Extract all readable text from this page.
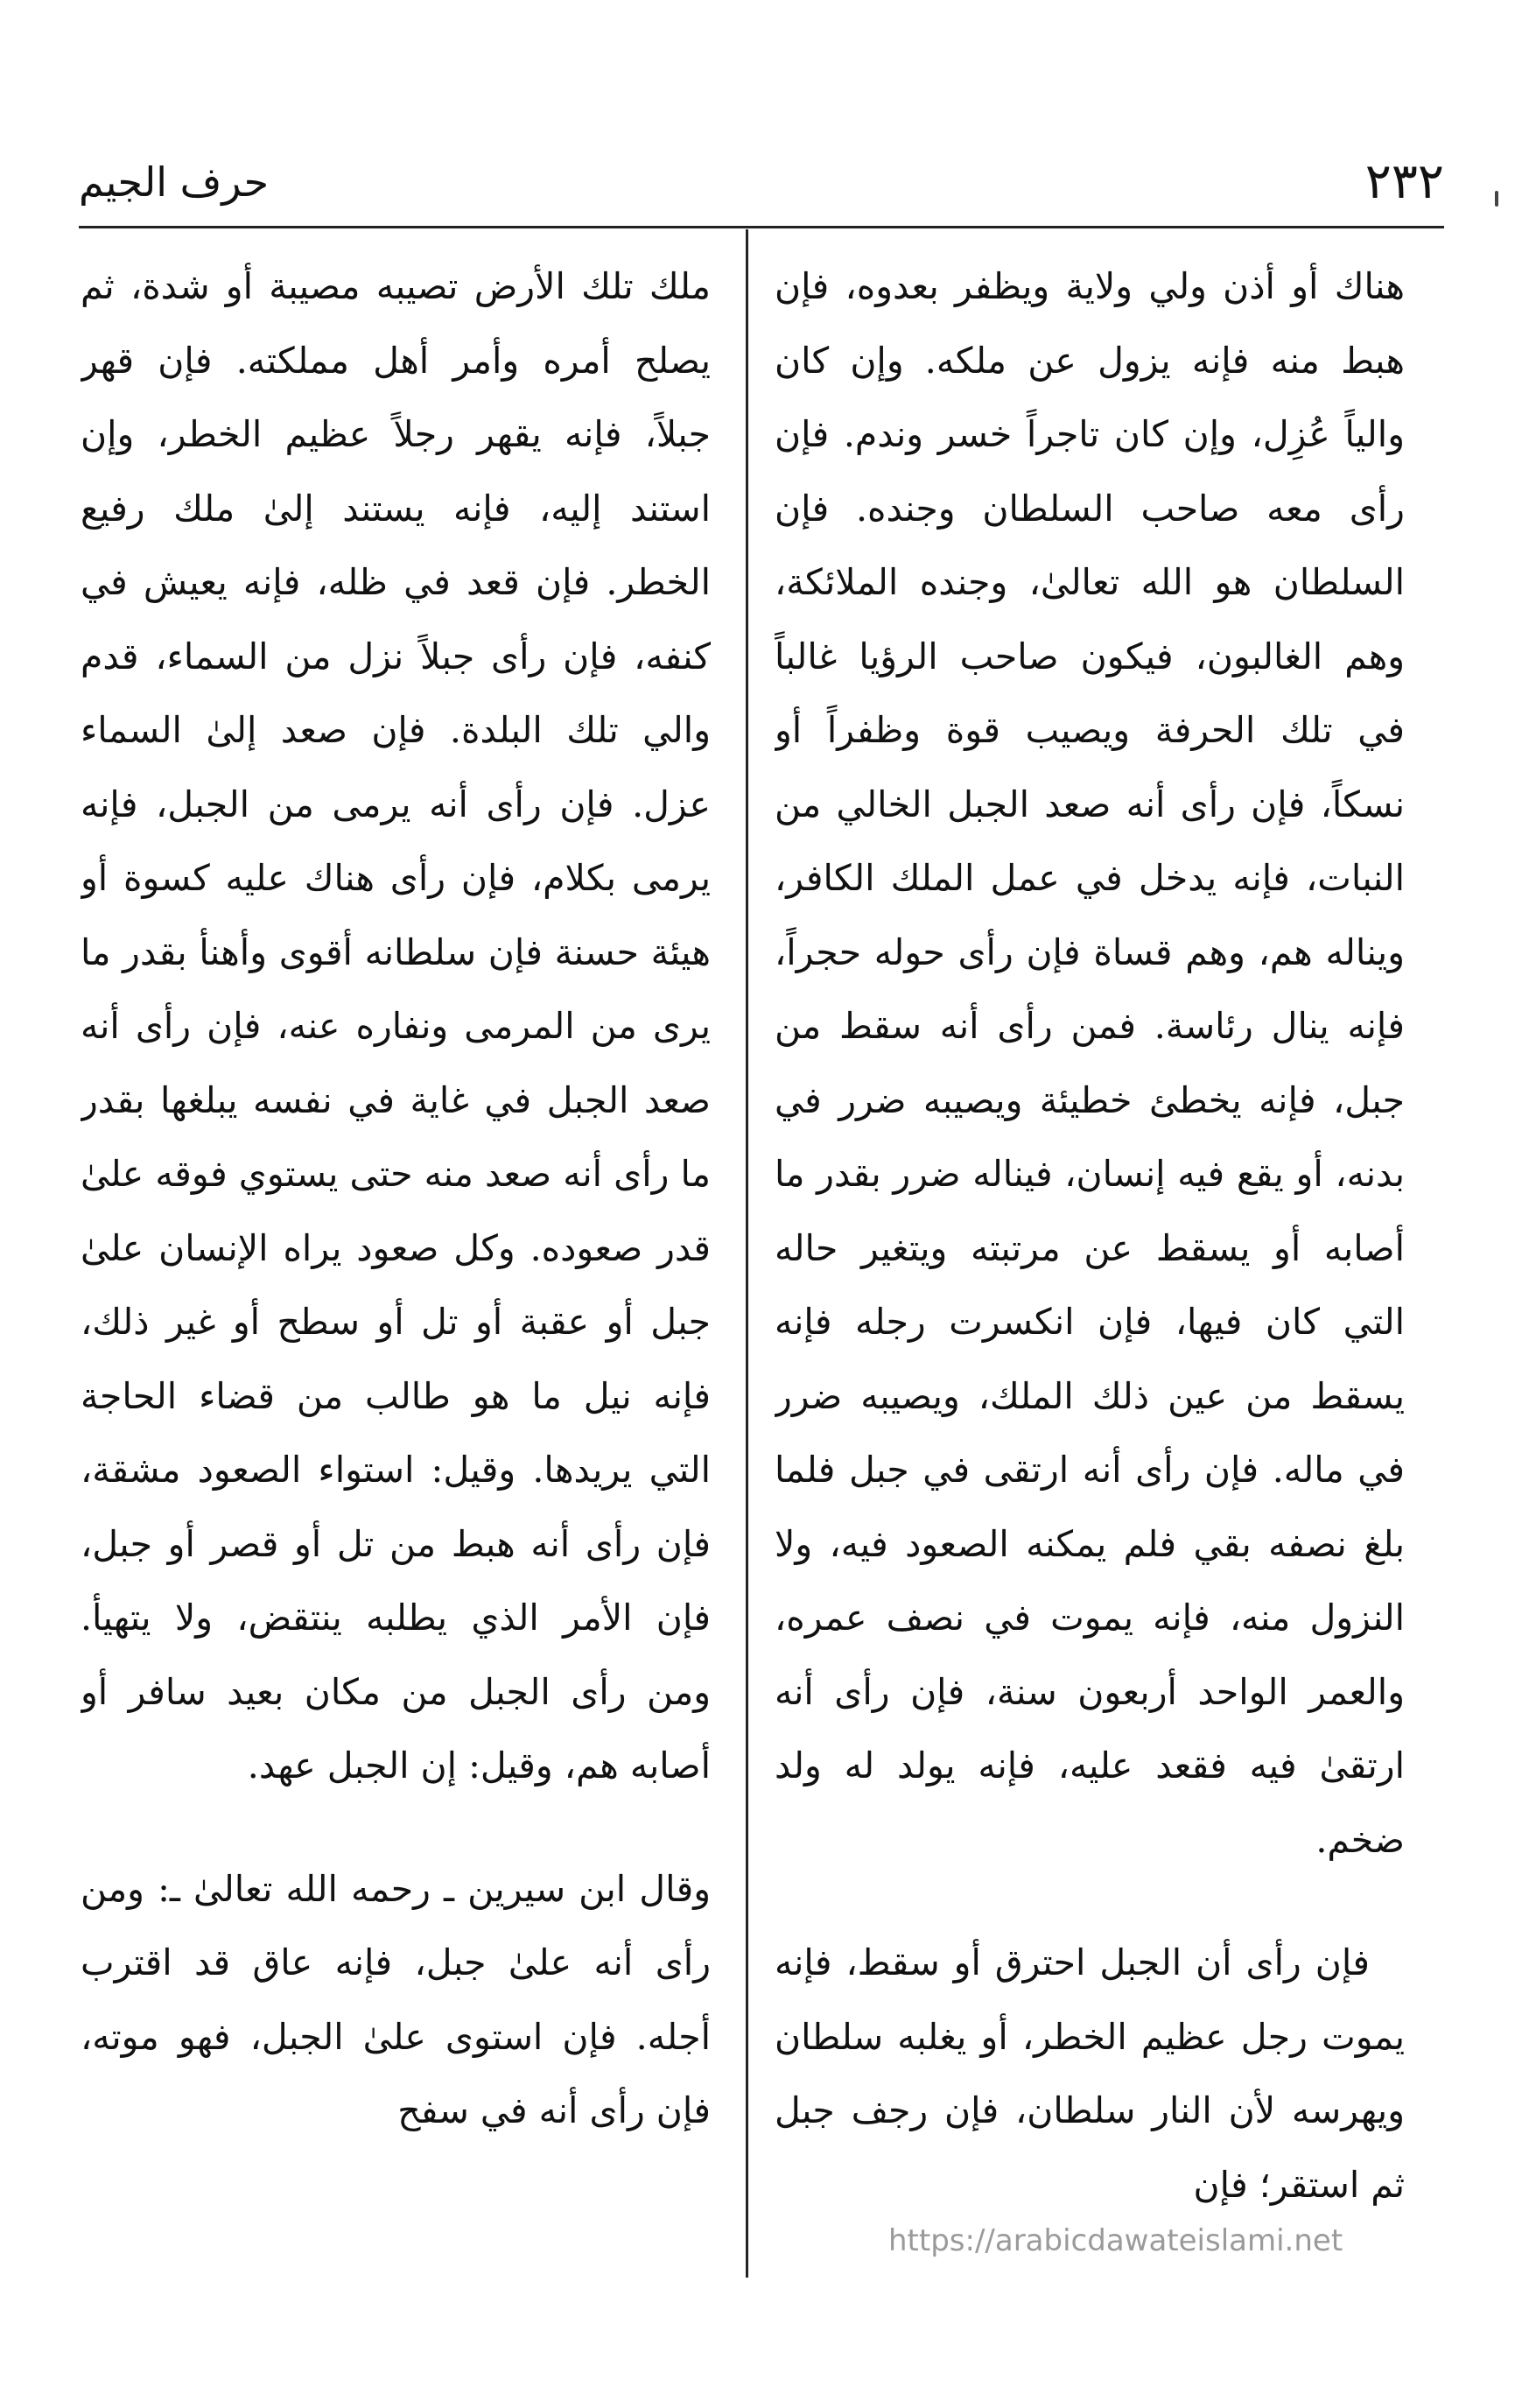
٢٣٢
حرف الجيم

هناك أو أذن ولي ولاية ويظفر بعدوه، فإن هبط منه فإنه يزول عن ملكه. وإن كان والياً عُزِل، وإن كان تاجراً خسر وندم. فإن رأى معه صاحب السلطان وجنده. فإن السلطان هو الله تعالىٰ، وجنده الملائكة، وهم الغالبون، فيكون صاحب الرؤيا غالباً في تلك الحرفة ويصيب قوة وظفراً أو نسكاً، فإن رأى أنه صعد الجبل الخالي من النبات، فإنه يدخل في عمل الملك الكافر، ويناله هم، وهم قساة فإن رأى حوله حجراً، فإنه ينال رئاسة. فمن رأى أنه سقط من جبل، فإنه يخطئ خطيئة ويصيبه ضرر في بدنه، أو يقع فيه إنسان، فيناله ضرر بقدر ما أصابه أو يسقط عن مرتبته ويتغير حاله التي كان فيها، فإن انكسرت رجله فإنه يسقط من عين ذلك الملك، ويصيبه ضرر في ماله. فإن رأى أنه ارتقى في جبل فلما بلغ نصفه بقي فلم يمكنه الصعود فيه، ولا النزول منه، فإنه يموت في نصف عمره، والعمر الواحد أربعون سنة، فإن رأى أنه ارتقىٰ فيه فقعد عليه، فإنه يولد له ولد ضخم.

فإن رأى أن الجبل احترق أو سقط، فإنه يموت رجل عظيم الخطر، أو يغلبه سلطان ويهرسه لأن النار سلطان، فإن رجف جبل ثم استقر؛ فإن

ملك تلك الأرض تصيبه مصيبة أو شدة، ثم يصلح أمره وأمر أهل مملكته. فإن قهر جبلاً، فإنه يقهر رجلاً عظيم الخطر، وإن استند إليه، فإنه يستند إلىٰ ملك رفيع الخطر. فإن قعد في ظله، فإنه يعيش في كنفه، فإن رأى جبلاً نزل من السماء، قدم والي تلك البلدة. فإن صعد إلىٰ السماء عزل. فإن رأى أنه يرمى من الجبل، فإنه يرمى بكلام، فإن رأى هناك عليه كسوة أو هيئة حسنة فإن سلطانه أقوى وأهنأ بقدر ما يرى من المرمى ونفاره عنه، فإن رأى أنه صعد الجبل في غاية في نفسه يبلغها بقدر ما رأى أنه صعد منه حتى يستوي فوقه علىٰ قدر صعوده. وكل صعود يراه الإنسان علىٰ جبل أو عقبة أو تل أو سطح أو غير ذلك، فإنه نيل ما هو طالب من قضاء الحاجة التي يريدها. وقيل: استواء الصعود مشقة، فإن رأى أنه هبط من تل أو قصر أو جبل، فإن الأمر الذي يطلبه ينتقض، ولا يتهيأ. ومن رأى الجبل من مكان بعيد سافر أو أصابه هم، وقيل: إن الجبل عهد.

وقال ابن سيرين ـ رحمه الله تعالىٰ ـ: ومن رأى أنه علىٰ جبل، فإنه عاق قد اقترب أجله. فإن استوى علىٰ الجبل، فهو موته، فإن رأى أنه في سفح

https://arabicdawateislami.net
